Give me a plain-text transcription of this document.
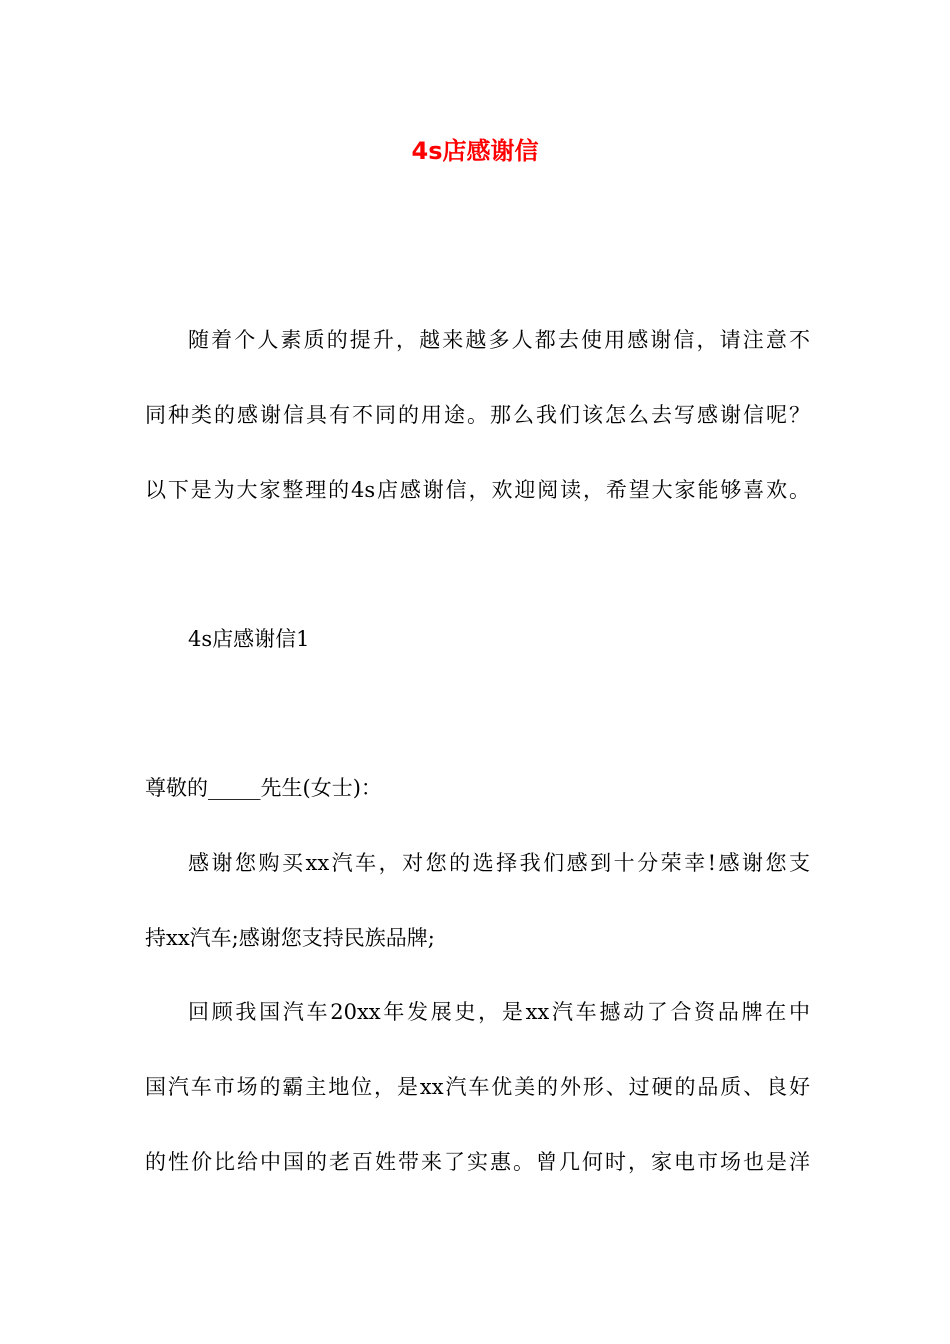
4s店感谢信
随着个人素质的提升，越来越多人都去使用感谢信，请注意不
同种类的感谢信具有不同的用途。那么我们该怎么去写感谢信呢？
以下是为大家整理的4s店感谢信，欢迎阅读，希望大家能够喜欢。
4s店感谢信1
尊敬的_____先生(女士)：
感谢您购买xx汽车，对您的选择我们感到十分荣幸!感谢您支
持xx汽车;感谢您支持民族品牌;
回顾我国汽车20xx年发展史，是xx汽车撼动了合资品牌在中
国汽车市场的霸主地位，是xx汽车优美的外形、过硬的品质、良好
的性价比给中国的老百姓带来了实惠。曾几何时，家电市场也是洋
